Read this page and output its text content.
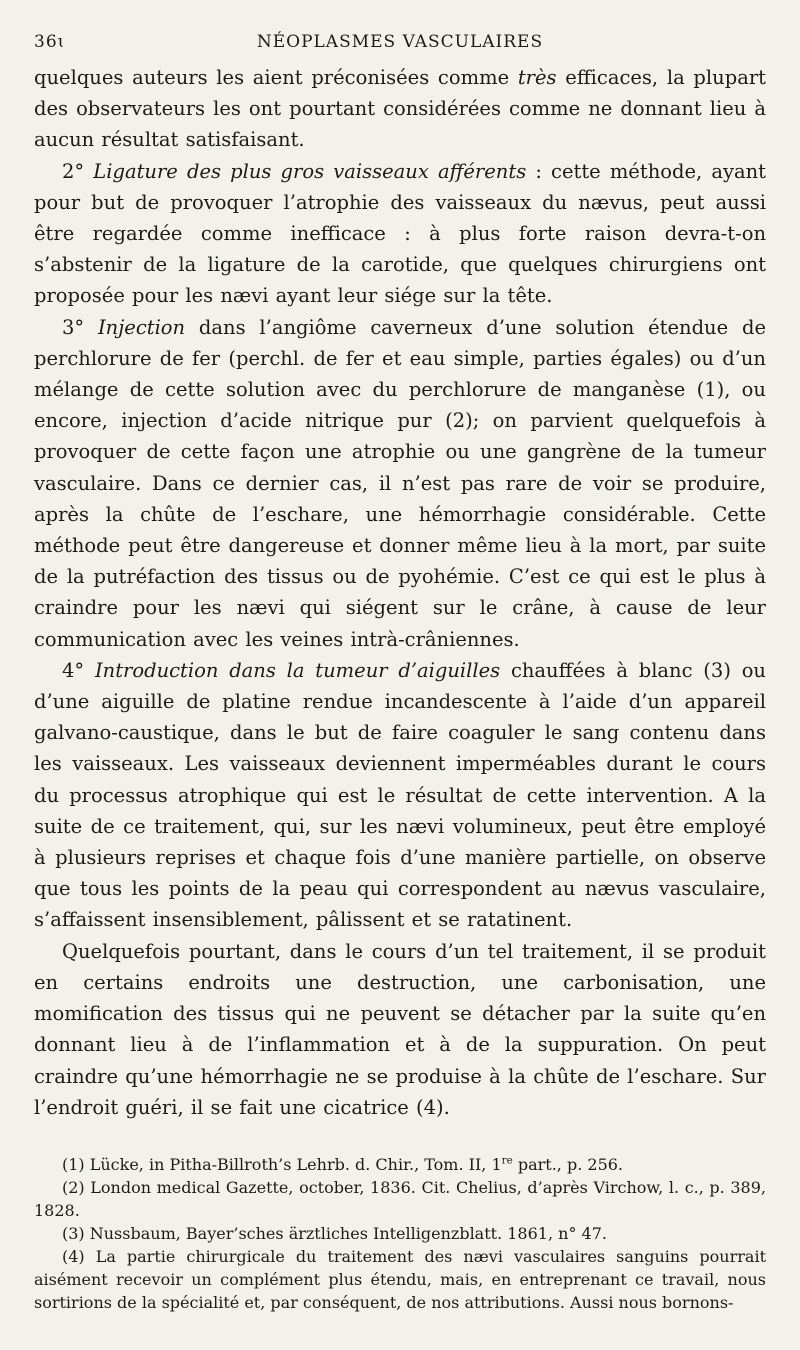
36ɩ	NÉOPLASMES VASCULAIRES

quelques auteurs les aient préconisées comme très efficaces, la plupart des observateurs les ont pourtant considérées comme ne donnant lieu à aucun résultat satisfaisant.

2° Ligature des plus gros vaisseaux afférents : cette méthode, ayant pour but de provoquer l’atrophie des vaisseaux du nævus, peut aussi être regardée comme inefficace : à plus forte raison devra-t-on s’abstenir de la ligature de la carotide, que quelques chirurgiens ont proposée pour les nævi ayant leur siége sur la tête.

3° Injection dans l’angiôme caverneux d’une solution étendue de perchlorure de fer (perchl. de fer et eau simple, parties égales) ou d’un mélange de cette solution avec du perchlorure de manganèse (1), ou encore, injection d’acide nitrique pur (2); on parvient quelquefois à provoquer de cette façon une atrophie ou une gangrène de la tumeur vasculaire. Dans ce dernier cas, il n’est pas rare de voir se produire, après la chûte de l’eschare, une hémorrhagie considérable. Cette méthode peut être dangereuse et donner même lieu à la mort, par suite de la putréfaction des tissus ou de pyohémie. C’est ce qui est le plus à craindre pour les nævi qui siégent sur le crâne, à cause de leur communication avec les veines intrà-crâniennes.

4° Introduction dans la tumeur d’aiguilles chauffées à blanc (3) ou d’une aiguille de platine rendue incandescente à l’aide d’un appareil galvano-caustique, dans le but de faire coaguler le sang contenu dans les vaisseaux. Les vaisseaux deviennent imperméables durant le cours du processus atrophique qui est le résultat de cette intervention. A la suite de ce traitement, qui, sur les nævi volumineux, peut être employé à plusieurs reprises et chaque fois d’une manière partielle, on observe que tous les points de la peau qui correspondent au nævus vasculaire, s’affaissent insensiblement, pâlissent et se ratatinent.

Quelquefois pourtant, dans le cours d’un tel traitement, il se produit en certains endroits une destruction, une carbonisation, une momification des tissus qui ne peuvent se détacher par la suite qu’en donnant lieu à de l’inflammation et à de la suppuration. On peut craindre qu’une hémorrhagie ne se produise à la chûte de l’eschare. Sur l’endroit guéri, il se fait une cicatrice (4).

(1) Lücke, in Pitha-Billroth’s Lehrb. d. Chir., Tom. II, 1re part., p. 256.

(2) London medical Gazette, october, 1836. Cit. Chelius, d’après Virchow, l. c., p. 389, 1828.

(3) Nussbaum, Bayer’sches ärztliches Intelligenzblatt. 1861, n° 47.

(4) La partie chirurgicale du traitement des nævi vasculaires sanguins pourrait aisément recevoir un complément plus étendu, mais, en entreprenant ce travail, nous sortirions de la spécialité et, par conséquent, de nos attributions. Aussi nous bornons-
